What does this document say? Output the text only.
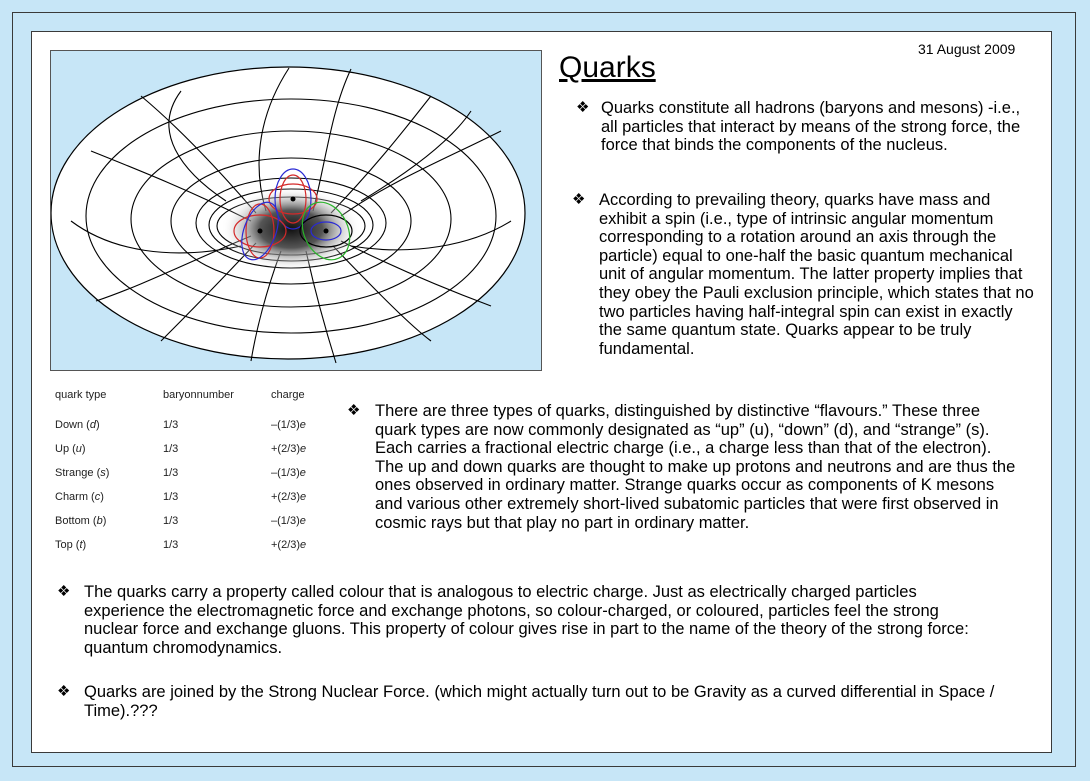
31 August 2009
Quarks
❖ Quarks constitute all hadrons (baryons and mesons) -i.e., all particles that interact by means of the strong force, the force that binds the components of the nucleus.
❖ According to prevailing theory, quarks have mass and exhibit a spin (i.e., type of intrinsic angular momentum corresponding to a rotation around an axis through the particle) equal to one-half the basic quantum mechanical unit of angular momentum. The latter property implies that they obey the Pauli exclusion principle, which states that no two particles having half-integral spin can exist in exactly the same quantum state. Quarks appear to be truly fundamental.
quark type	baryonnumber	charge

Down (d)	1/3	–(1/3)e
Up (u)	1/3	+(2/3)e
Strange (s)	1/3	–(1/3)e
Charm (c)	1/3	+(2/3)e
Bottom (b)	1/3	–(1/3)e
Top (t)	1/3	+(2/3)e
❖ There are three types of quarks, distinguished by distinctive “flavours.” These three quark types are now commonly designated as “up” (u), “down” (d), and “strange” (s). Each carries a fractional electric charge (i.e., a charge less than that of the electron). The up and down quarks are thought to make up protons and neutrons and are thus the ones observed in ordinary matter. Strange quarks occur as components of K mesons and various other extremely short-lived subatomic particles that were first observed in cosmic rays but that play no part in ordinary matter.
❖ The quarks carry a property called colour that is analogous to electric charge. Just as electrically charged particles experience the electromagnetic force and exchange photons, so colour-charged, or coloured, particles feel the strong nuclear force and exchange gluons. This property of colour gives rise in part to the name of the theory of the strong force: quantum chromodynamics.
❖ Quarks are joined by the Strong Nuclear Force. (which might actually turn out to be Gravity as a curved differential in Space / Time).???
